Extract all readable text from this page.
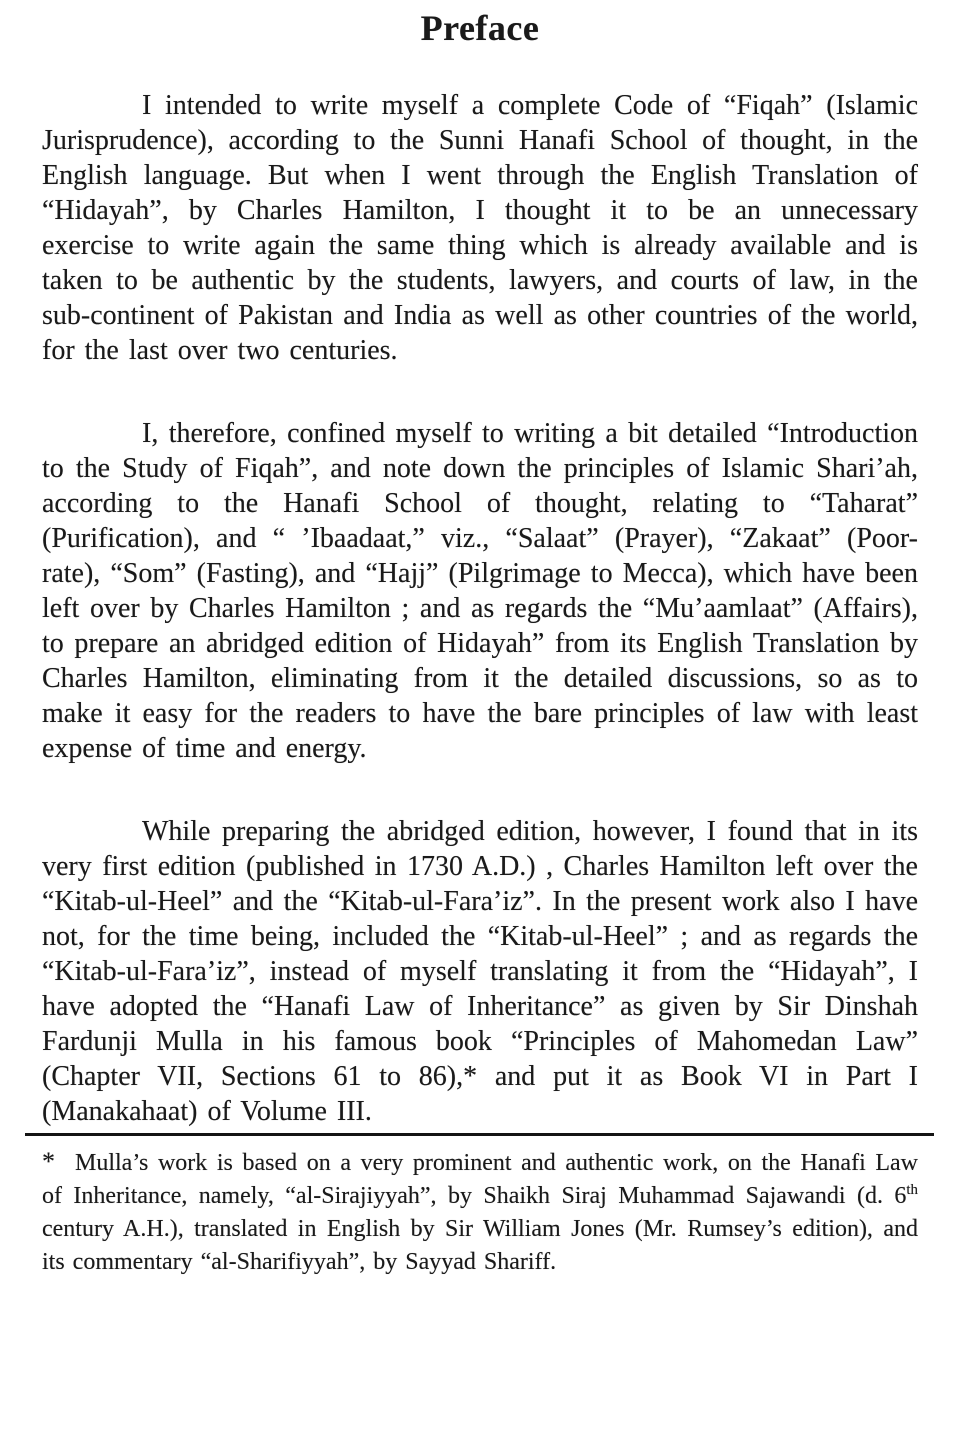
Preface

I intended to write myself a complete Code of “Fiqah” (Islamic Jurisprudence), according to the Sunni Hanafi School of thought, in the English language. But when I went through the English Translation of “Hidayah”, by Charles Hamilton, I thought it to be an unnecessary exercise to write again the same thing which is already available and is taken to be authentic by the students, lawyers, and courts of law, in the sub-continent of Pakistan and India as well as other countries of the world, for the last over two centuries.

I, therefore, confined myself to writing a bit detailed “Introduction to the Study of Fiqah”, and note down the principles of Islamic Shari’ah, according to the Hanafi School of thought, relating to “Taharat” (Purification), and “ ’Ibaadaat,” viz., “Salaat” (Prayer), “Zakaat” (Poor-rate), “Som” (Fasting), and “Hajj” (Pilgrimage to Mecca), which have been left over by Charles Hamilton ; and as regards the “Mu’aamlaat” (Affairs), to prepare an abridged edition of Hidayah” from its English Translation by Charles Hamilton, eliminating from it the detailed discussions, so as to make it easy for the readers to have the bare principles of law with least expense of time and energy.

While preparing the abridged edition, however, I found that in its very first edition (published in 1730 A.D.) , Charles Hamilton left over the “Kitab-ul-Heel” and the “Kitab-ul-Fara’iz”. In the present work also I have not, for the time being, included the “Kitab-ul-Heel” ; and as regards the “Kitab-ul-Fara’iz”, instead of myself translating it from the “Hidayah”, I have adopted the “Hanafi Law of Inheritance” as given by Sir Dinshah Fardunji Mulla in his famous book “Principles of Mahomedan Law” (Chapter VII, Sections 61 to 86),* and put it as Book VI in Part I (Manakahaat) of Volume III.

* Mulla’s work is based on a very prominent and authentic work, on the Hanafi Law of Inheritance, namely, “al-Sirajiyyah”, by Shaikh Siraj Muhammad Sajawandi (d. 6th century A.H.), translated in English by Sir William Jones (Mr. Rumsey’s edition), and its commentary “al-Sharifiyyah”, by Sayyad Shariff.
